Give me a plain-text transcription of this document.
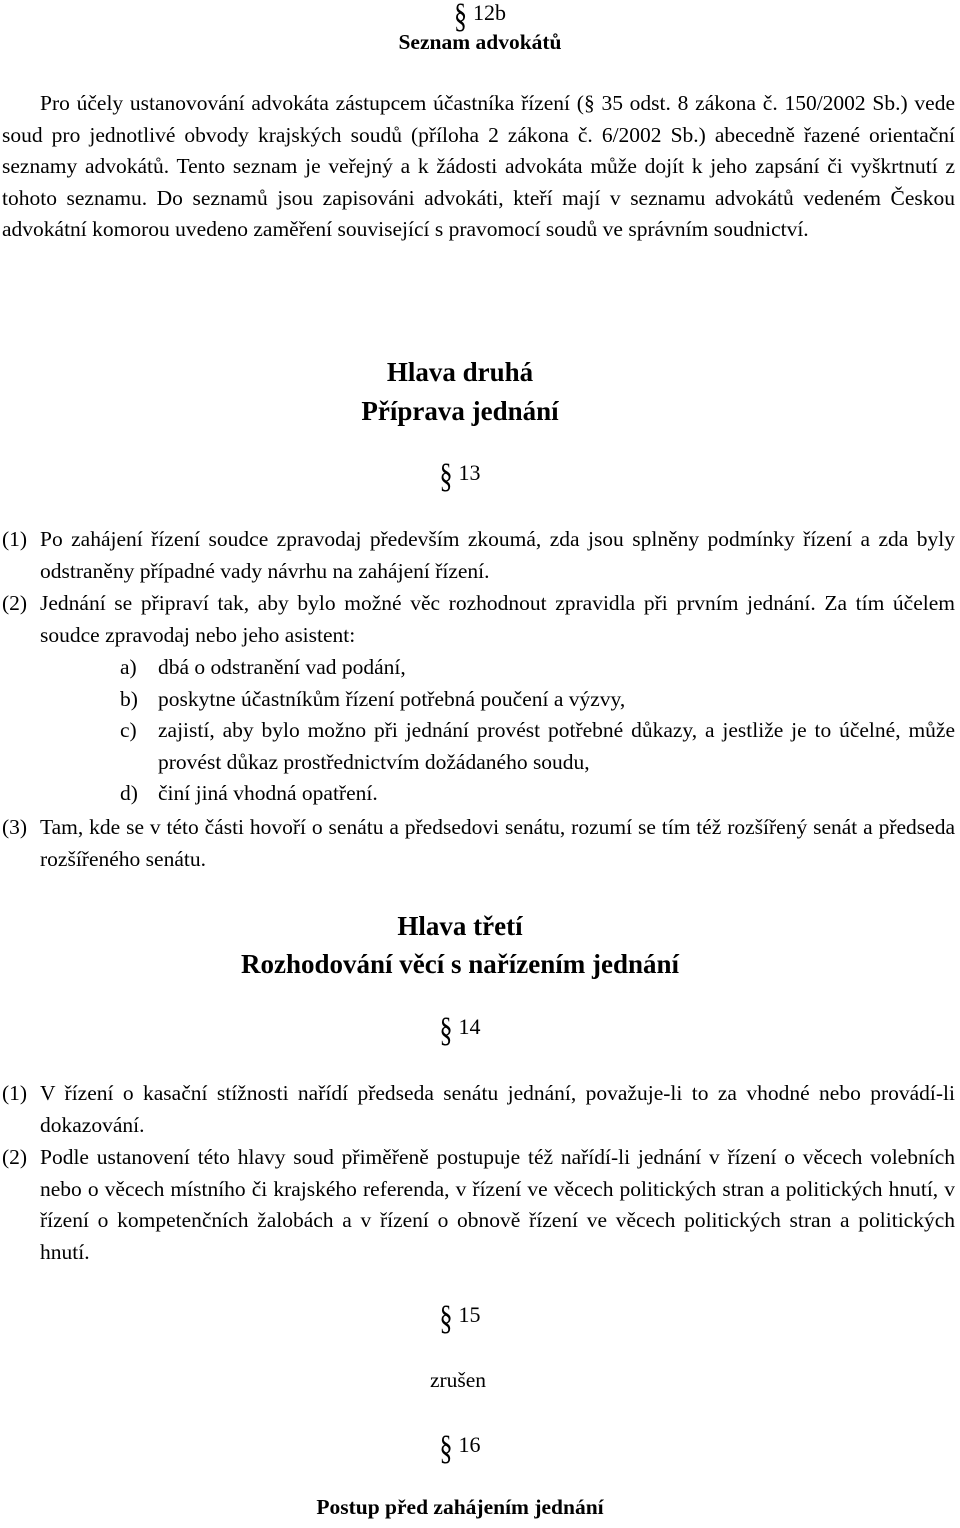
§ 12b
Seznam advokátů
Pro účely ustanovování advokáta zástupcem účastníka řízení (§ 35 odst. 8 zákona č. 150/2002 Sb.) vede soud pro jednotlivé obvody krajských soudů (příloha 2 zákona č. 6/2002 Sb.) abecedně řazené orientační seznamy advokátů. Tento seznam je veřejný a k žádosti advokáta může dojít k jeho zapsání či vyškrtnutí z tohoto seznamu. Do seznamů jsou zapisováni advokáti, kteří mají v seznamu advokátů vedeném Českou advokátní komorou uvedeno zaměření související s pravomocí soudů ve správním soudnictví.
Hlava druhá
Příprava jednání
§ 13
(1) Po zahájení řízení soudce zpravodaj především zkoumá, zda jsou splněny podmínky řízení a zda byly odstraněny případné vady návrhu na zahájení řízení.
(2) Jednání se připraví tak, aby bylo možné věc rozhodnout zpravidla při prvním jednání. Za tím účelem soudce zpravodaj nebo jeho asistent:
a) dbá o odstranění vad podání,
b) poskytne účastníkům řízení potřebná poučení a výzvy,
c) zajistí, aby bylo možno při jednání provést potřebné důkazy, a jestliže je to účelné, může provést důkaz prostřednictvím dožádaného soudu,
d) činí jiná vhodná opatření.
(3) Tam, kde se v této části hovoří o senátu a předsedovi senátu, rozumí se tím též rozšířený senát a předseda rozšířeného senátu.
Hlava třetí
Rozhodování věcí s nařízením jednání
§ 14
(1) V řízení o kasační stížnosti nařídí předseda senátu jednání, považuje-li to za vhodné nebo provádí-li dokazování.
(2) Podle ustanovení této hlavy soud přiměřeně postupuje též nařídí-li jednání v řízení o věcech volebních nebo o věcech místního či krajského referenda, v řízení ve věcech politických stran a politických hnutí, v řízení o kompetenčních žalobách a v řízení o obnově řízení ve věcech politických stran a politických hnutí.
§ 15
zrušen
§ 16
Postup před zahájením jednání
